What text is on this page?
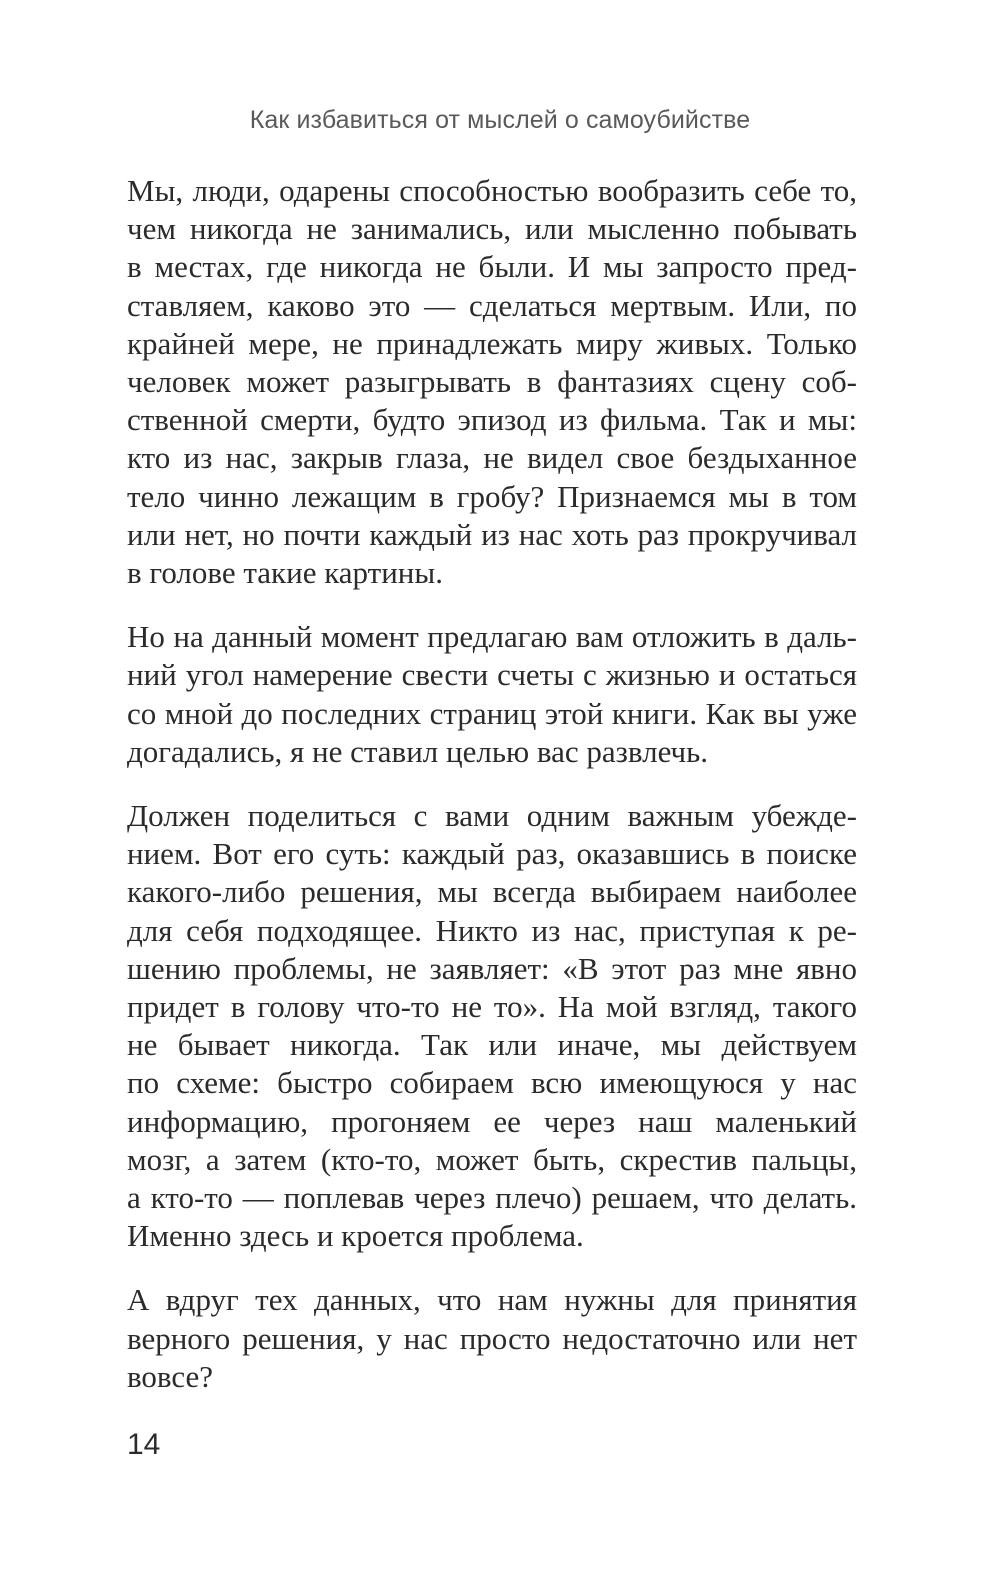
Как избавиться от мыслей о самоубийстве

Мы, люди, одарены способностью вообразить себе то,
чем никогда не занимались, или мысленно побывать
в местах, где никогда не были. И мы запросто пред-
ставляем, каково это — сделаться мертвым. Или, по
крайней мере, не принадлежать миру живых. Только
человек может разыгрывать в фантазиях сцену соб-
ственной смерти, будто эпизод из фильма. Так и мы:
кто из нас, закрыв глаза, не видел свое бездыханное
тело чинно лежащим в гробу? Признаемся мы в том
или нет, но почти каждый из нас хоть раз прокручивал
в голове такие картины.

Но на данный момент предлагаю вам отложить в даль-
ний угол намерение свести счеты с жизнью и остаться
со мной до последних страниц этой книги. Как вы уже
догадались, я не ставил целью вас развлечь.

Должен поделиться с вами одним важным убежде-
нием. Вот его суть: каждый раз, оказавшись в поиске
какого-либо решения, мы всегда выбираем наиболее
для себя подходящее. Никто из нас, приступая к ре-
шению проблемы, не заявляет: «В этот раз мне явно
придет в голову что-то не то». На мой взгляд, такого
не бывает никогда. Так или иначе, мы действуем
по схеме: быстро собираем всю имеющуюся у нас
информацию, прогоняем ее через наш маленький
мозг, а затем (кто-то, может быть, скрестив пальцы,
а кто-то — поплевав через плечо) решаем, что делать.
Именно здесь и кроется проблема.

А вдруг тех данных, что нам нужны для принятия
верного решения, у нас просто недостаточно или нет
вовсе?

14
